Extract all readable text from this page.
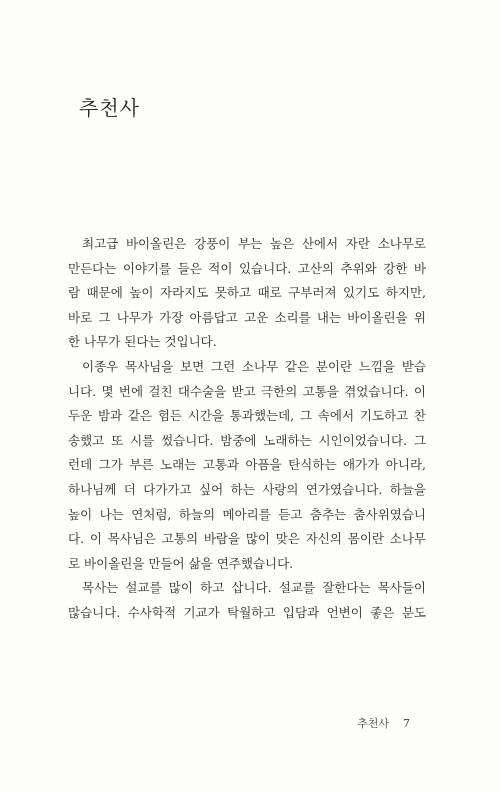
추천사
최고급 바이올린은 강풍이 부는 높은 산에서 자란 소나무로
만든다는 이야기를 들은 적이 있습니다. 고산의 추위와 강한 바
람 때문에 높이 자라지도 못하고 때로 구부러져 있기도 하지만,
바로 그 나무가 가장 아름답고 고운 소리를 내는 바이올린을 위
한 나무가 된다는 것입니다.
이종우 목사님을 보면 그런 소나무 같은 분이란 느낌을 받습
니다. 몇 번에 걸친 대수술을 받고 극한의 고통을 겪었습니다. 이
두운 밤과 같은 험든 시간을 통과했는데, 그 속에서 기도하고 찬
송했고 또 시를 썼습니다. 밤중에 노래하는 시인이었습니다. 그
런데 그가 부른 노래는 고통과 아픔을 탄식하는 애가가 아니라,
하나님께 더 다가가고 싶어 하는 사랑의 연가였습니다. 하늘을
높이 나는 연처럼, 하늘의 메아리를 듣고 춤추는 춤사위였습니
다. 이 목사님은 고통의 바람을 많이 맞은 자신의 몸이란 소나무
로 바이올린을 만들어 삶을 연주했습니다.
목사는 설교를 많이 하고 삽니다. 설교를 잘한다는 목사들이
많습니다. 수사학적 기교가 탁월하고 입담과 언변이 좋은 분도
추천사 7
